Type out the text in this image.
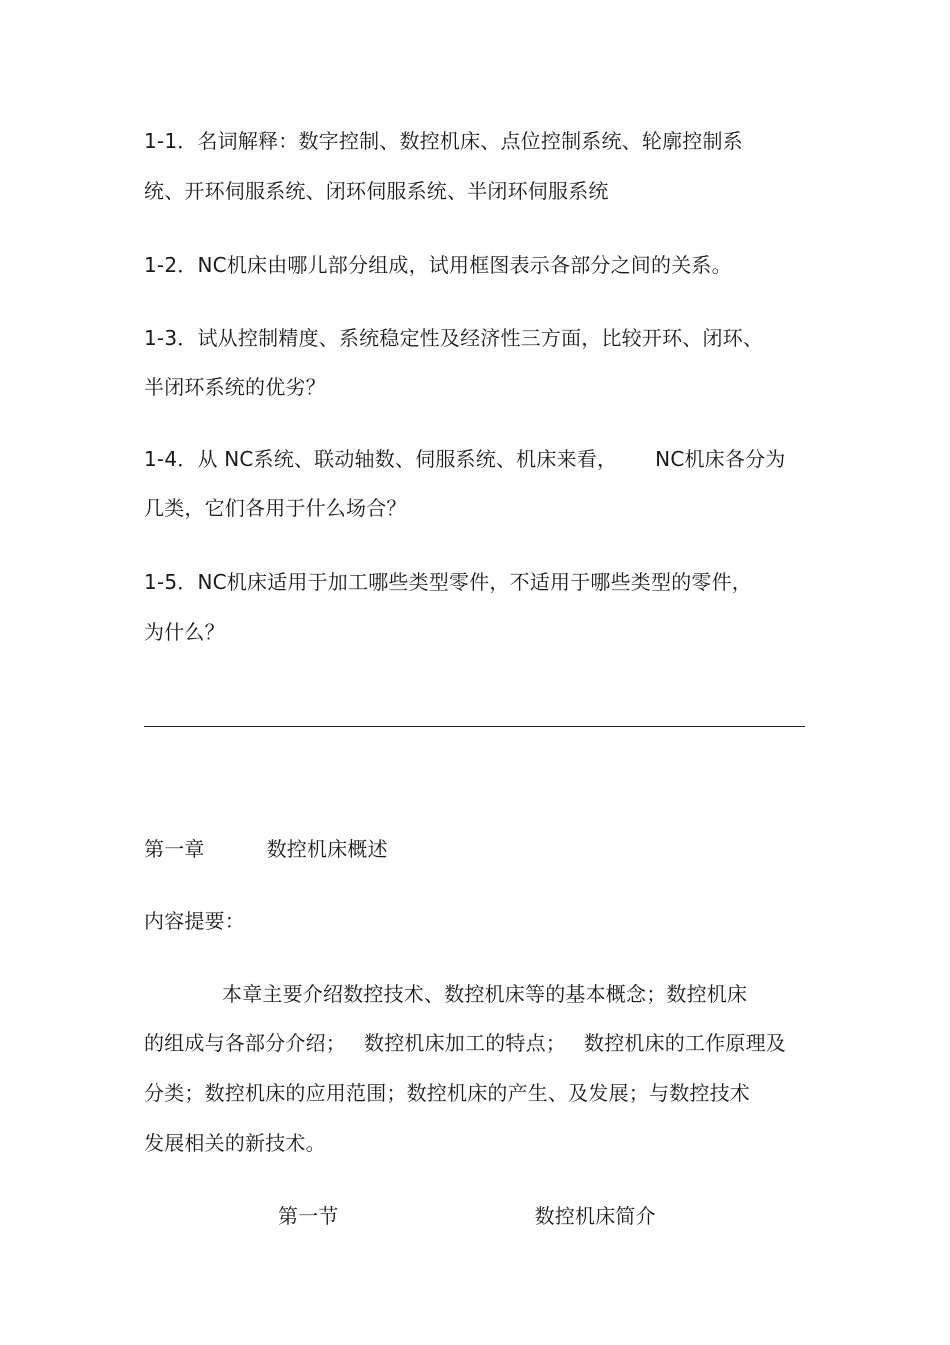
1-1．名词解释：数字控制、数控机床、点位控制系统、轮廓控制系
统、开环伺服系统、闭环伺服系统、半闭环伺服系统
1-2．NC机床由哪儿部分组成，试用框图表示各部分之间的关系。
1-3．试从控制精度、系统稳定性及经济性三方面，比较开环、闭环、
半闭环系统的优劣？
1-4．从 NC系统、联动轴数、伺服系统、机床来看， NC机床各分为
几类，它们各用于什么场合？
1-5．NC机床适用于加工哪些类型零件，不适用于哪些类型的零件，
为什么？
第一章	数控机床概述
内容提要：
本章主要介绍数控技术、数控机床等的基本概念；数控机床
的组成与各部分介绍； 数控机床加工的特点； 数控机床的工作原理及
分类；数控机床的应用范围；数控机床的产生、及发展；与数控技术
发展相关的新技术。
第一节	数控机床简介
